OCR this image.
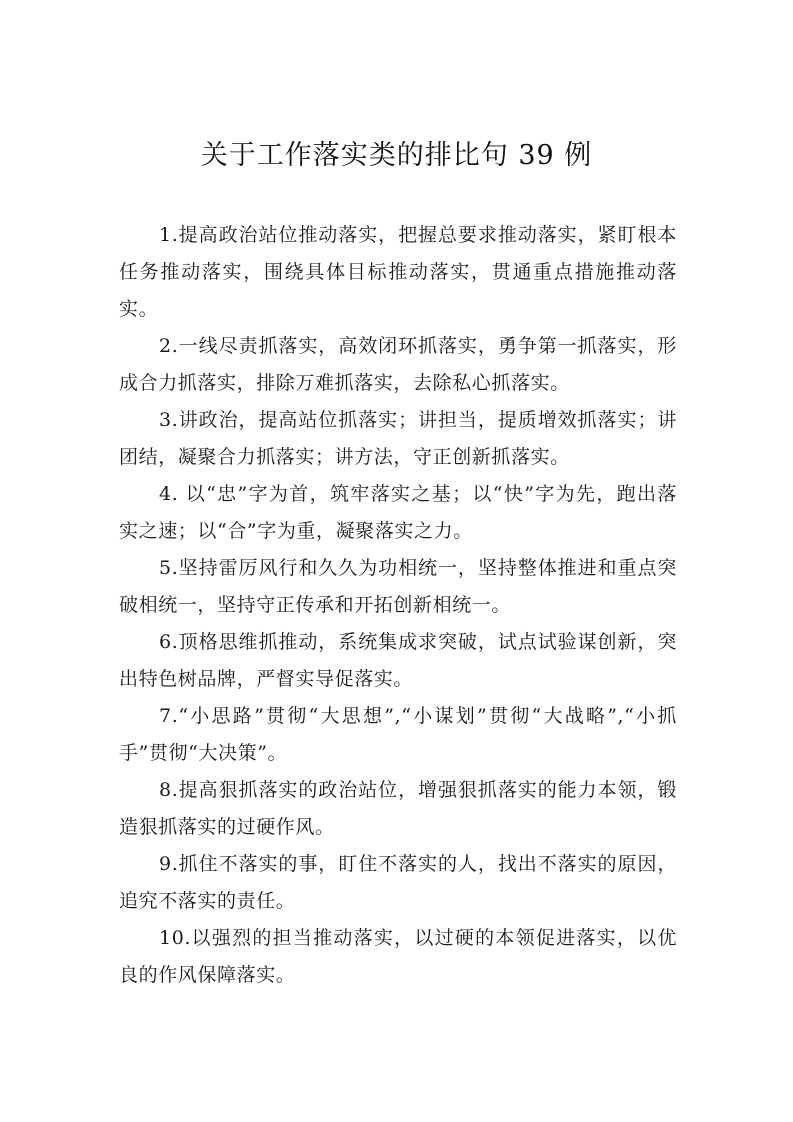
关于工作落实类的排比句 39 例

1.提高政治站位推动落实，把握总要求推动落实，紧盯根本任务推动落实，围绕具体目标推动落实，贯通重点措施推动落实。

2.一线尽责抓落实，高效闭环抓落实，勇争第一抓落实，形成合力抓落实，排除万难抓落实，去除私心抓落实。

3.讲政治，提高站位抓落实；讲担当，提质增效抓落实；讲团结，凝聚合力抓落实；讲方法，守正创新抓落实。

4. 以“忠”字为首，筑牢落实之基；以“快”字为先，跑出落实之速；以“合”字为重，凝聚落实之力。

5.坚持雷厉风行和久久为功相统一，坚持整体推进和重点突破相统一，坚持守正传承和开拓创新相统一。

6.顶格思维抓推动，系统集成求突破，试点试验谋创新，突出特色树品牌，严督实导促落实。

7.“小思路”贯彻“大思想”,“小谋划”贯彻“大战略”,“小抓手”贯彻“大决策”。

8.提高狠抓落实的政治站位，增强狠抓落实的能力本领，锻造狠抓落实的过硬作风。

9.抓住不落实的事，盯住不落实的人，找出不落实的原因，追究不落实的责任。

10.以强烈的担当推动落实，以过硬的本领促进落实，以优良的作风保障落实。
